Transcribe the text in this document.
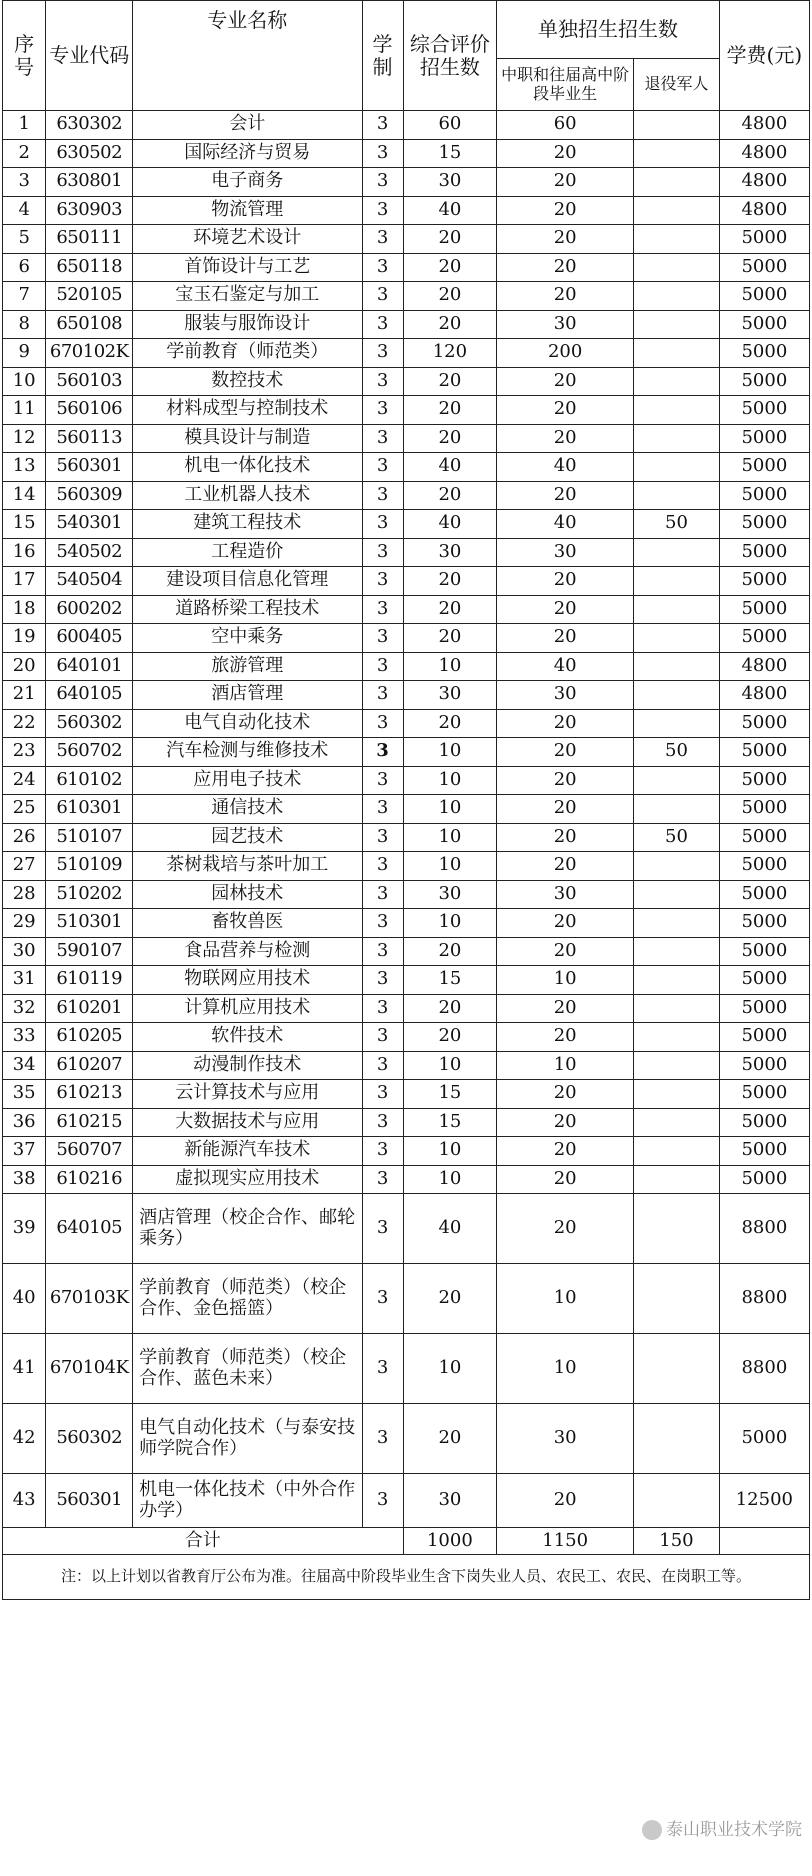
序号	专业代码	专业名称	学制	综合评价招生数	单独招生招生数		学费(元)
					中职和往届高中阶段毕业生	退役军人	
1	630302	会计	3	60	60		4800
2	630502	国际经济与贸易	3	15	20		4800
3	630801	电子商务	3	30	20		4800
4	630903	物流管理	3	40	20		4800
5	650111	环境艺术设计	3	20	20		5000
6	650118	首饰设计与工艺	3	20	20		5000
7	520105	宝玉石鉴定与加工	3	20	20		5000
8	650108	服装与服饰设计	3	20	30		5000
9	670102K	学前教育（师范类）	3	120	200		5000
10	560103	数控技术	3	20	20		5000
11	560106	材料成型与控制技术	3	20	20		5000
12	560113	模具设计与制造	3	20	20		5000
13	560301	机电一体化技术	3	40	40		5000
14	560309	工业机器人技术	3	20	20		5000
15	540301	建筑工程技术	3	40	40	50	5000
16	540502	工程造价	3	30	30		5000
17	540504	建设项目信息化管理	3	20	20		5000
18	600202	道路桥梁工程技术	3	20	20		5000
19	600405	空中乘务	3	20	20		5000
20	640101	旅游管理	3	10	40		4800
21	640105	酒店管理	3	30	30		4800
22	560302	电气自动化技术	3	20	20		5000
23	560702	汽车检测与维修技术	3	10	20	50	5000
24	610102	应用电子技术	3	10	20		5000
25	610301	通信技术	3	10	20		5000
26	510107	园艺技术	3	10	20	50	5000
27	510109	茶树栽培与茶叶加工	3	10	20		5000
28	510202	园林技术	3	30	30		5000
29	510301	畜牧兽医	3	10	20		5000
30	590107	食品营养与检测	3	20	20		5000
31	610119	物联网应用技术	3	15	10		5000
32	610201	计算机应用技术	3	20	20		5000
33	610205	软件技术	3	20	20		5000
34	610207	动漫制作技术	3	10	10		5000
35	610213	云计算技术与应用	3	15	20		5000
36	610215	大数据技术与应用	3	15	20		5000
37	560707	新能源汽车技术	3	10	20		5000
38	610216	虚拟现实应用技术	3	10	20		5000
39	640105	酒店管理（校企合作、邮轮乘务）	3	40	20		8800
40	670103K	学前教育（师范类）（校企合作、金色摇篮）	3	20	10		8800
41	670104K	学前教育（师范类）（校企合作、蓝色未来）	3	10	10		8800
42	560302	电气自动化技术（与泰安技师学院合作）	3	20	30		5000
43	560301	机电一体化技术（中外合作办学）	3	30	20		12500
合计				1000	1150	150	
注：以上计划以省教育厅公布为准。往届高中阶段毕业生含下岗失业人员、农民工、农民、在岗职工等。							
泰山职业技术学院
